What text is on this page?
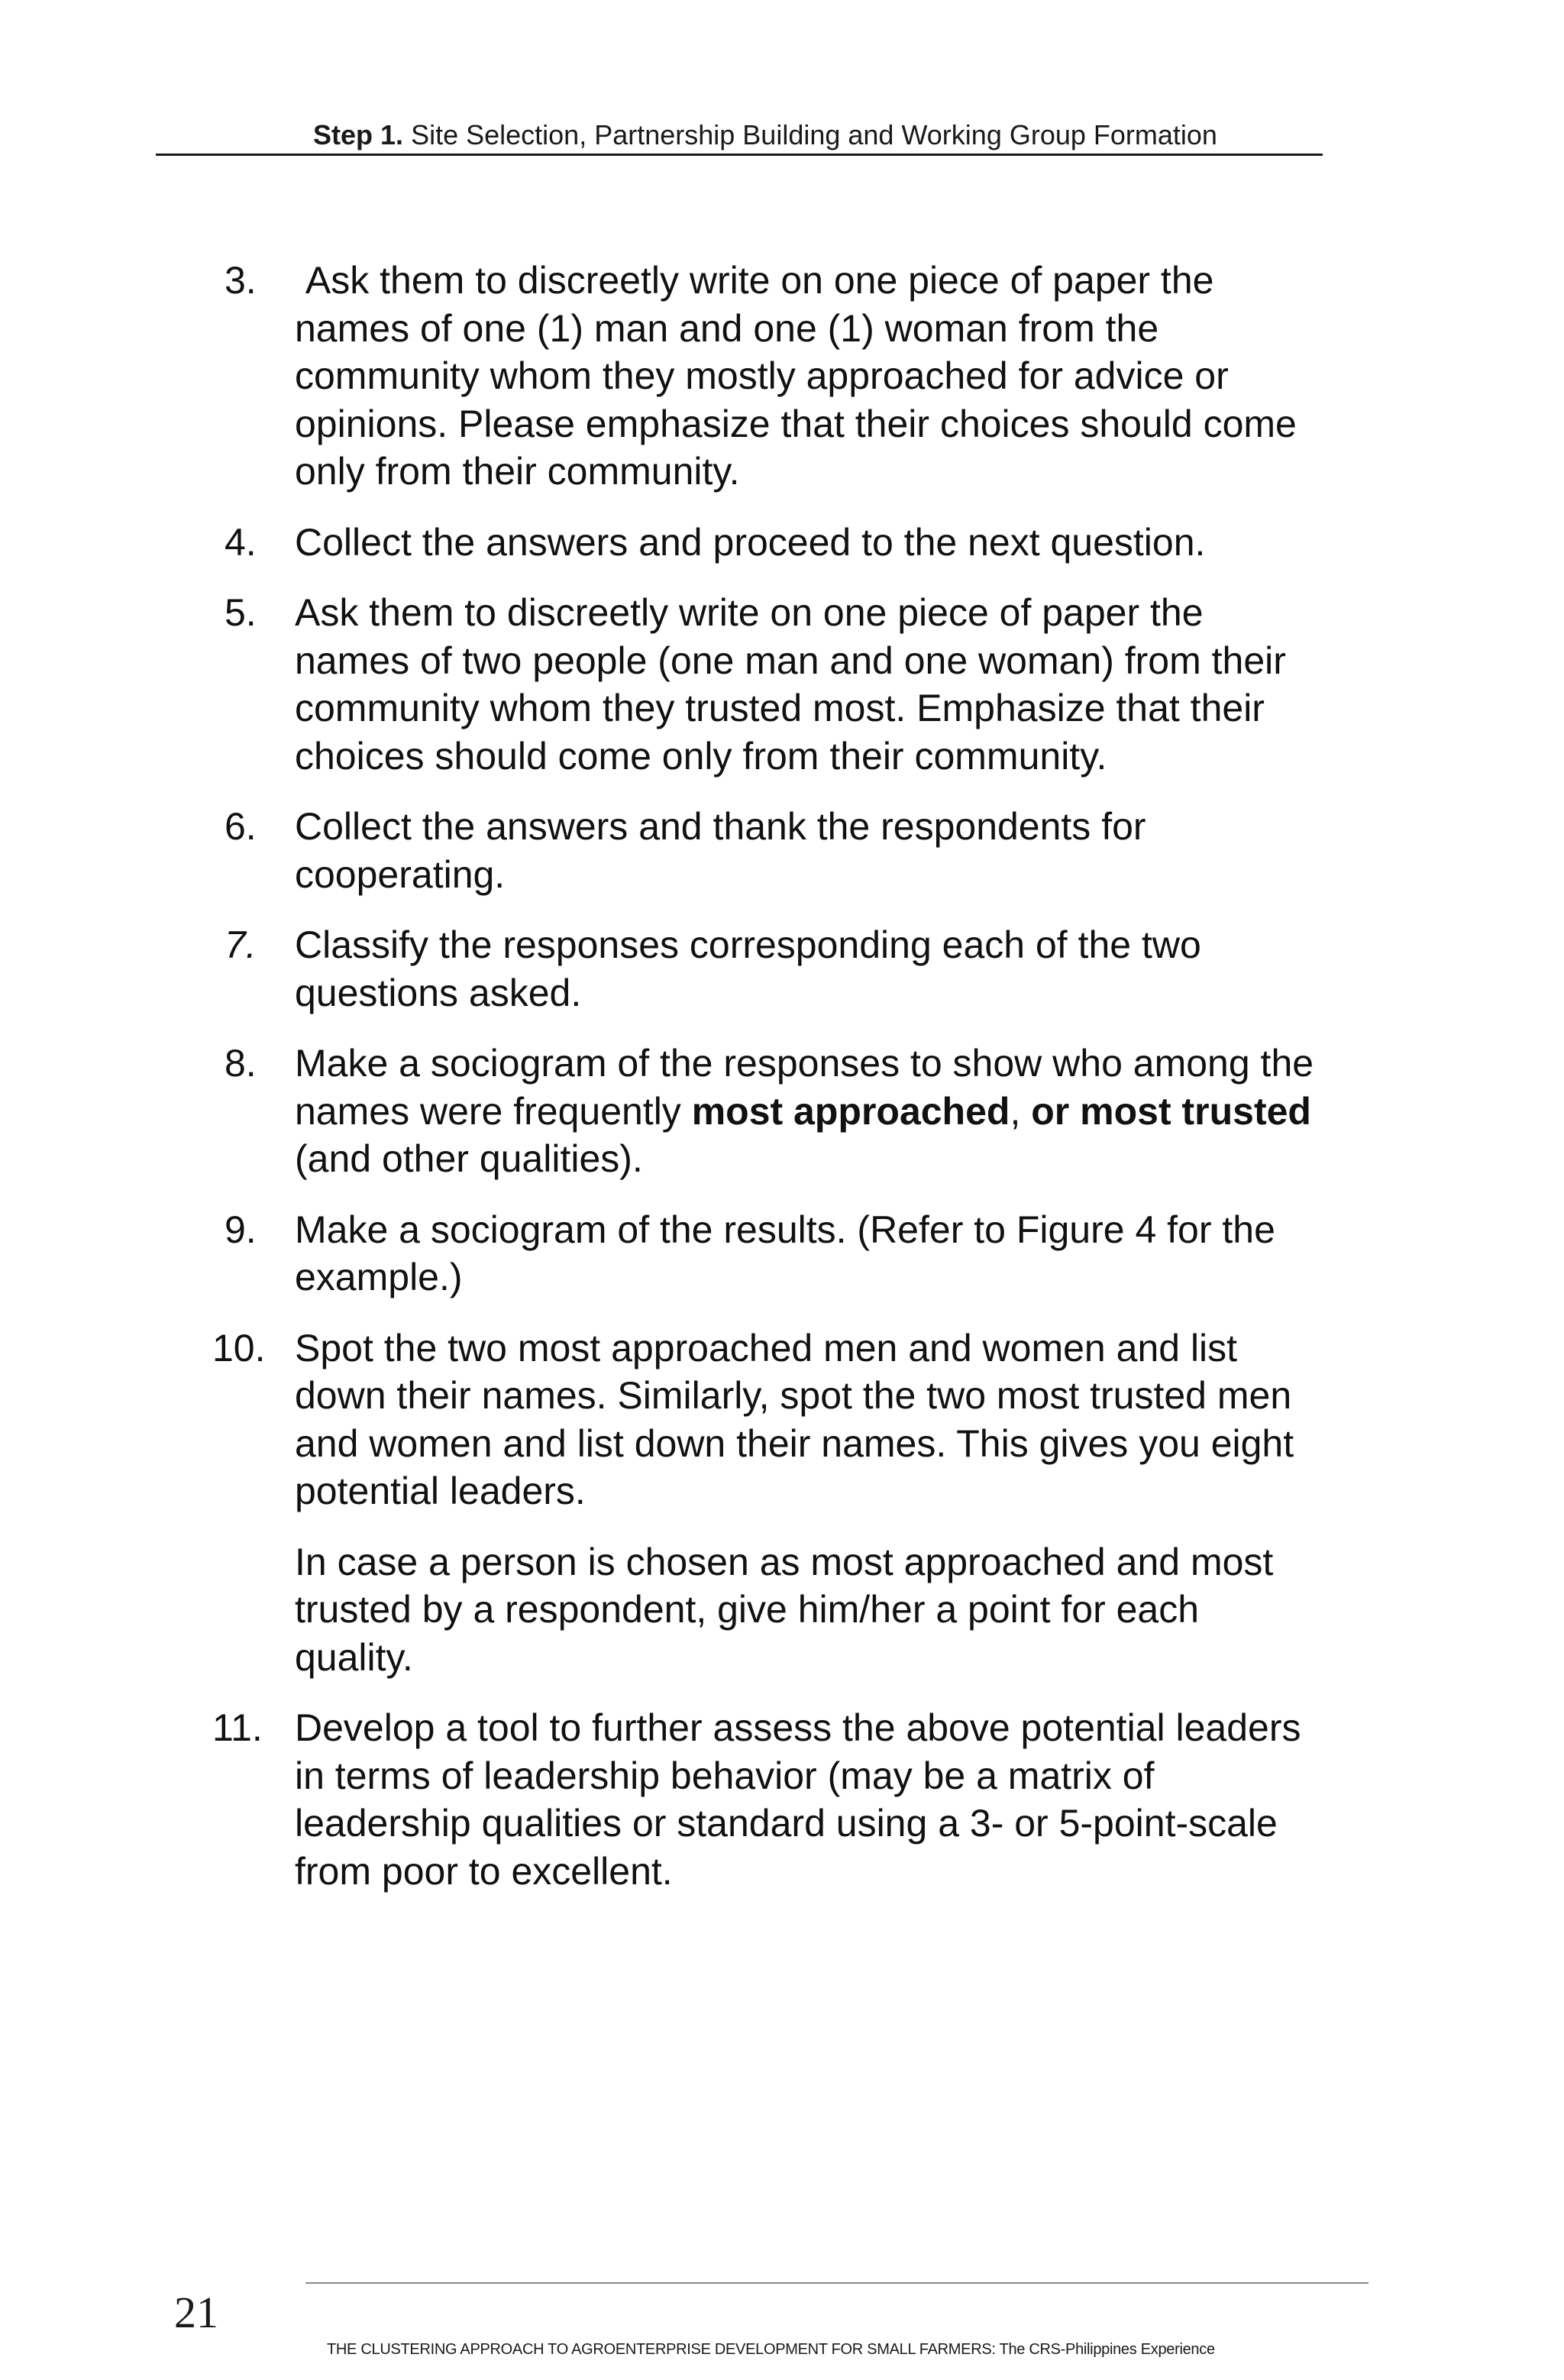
Step 1. Site Selection, Partnership Building and Working Group Formation
3. Ask them to discreetly write on one piece of paper the names of one (1) man and one (1) woman from the community whom they mostly approached for advice or opinions. Please emphasize that their choices should come only from their community.

4. Collect the answers and proceed to the next question.

5. Ask them to discreetly write on one piece of paper the names of two people (one man and one woman) from their community whom they trusted most. Emphasize that their choices should come only from their community.

6. Collect the answers and thank the respondents for cooperating.

7. Classify the responses corresponding each of the two questions asked.

8. Make a sociogram of the responses to show who among the names were frequently most approached, or most trusted (and other qualities).

9. Make a sociogram of the results. (Refer to Figure 4 for the example.)

10. Spot the two most approached men and women and list down their names. Similarly, spot the two most trusted men and women and list down their names. This gives you eight potential leaders.

In case a person is chosen as most approached and most trusted by a respondent, give him/her a point for each quality.

11. Develop a tool to further assess the above potential leaders in terms of leadership behavior (may be a matrix of   leadership qualities or standard using a 3- or 5-point-scale from poor to excellent.

21
THE CLUSTERING APPROACH TO AGROENTERPRISE DEVELOPMENT FOR SMALL FARMERS: The CRS-Philippines Experience
